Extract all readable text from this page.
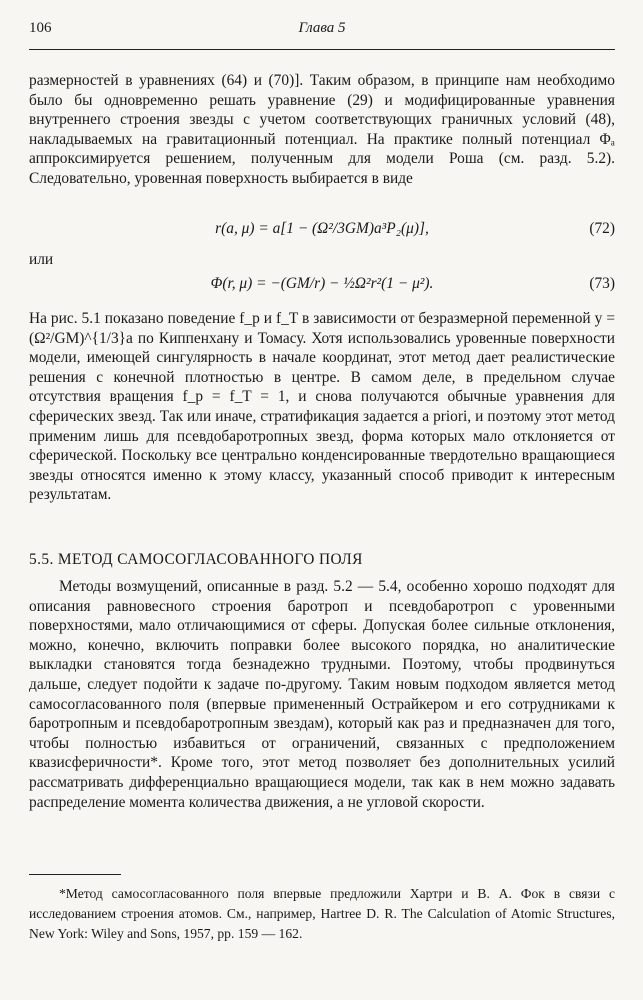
106	Глава 5
размерностей в уравнениях (64) и (70)]. Таким образом, в принципе нам необходимо было бы одновременно решать уравнение (29) и модифицированные уравнения внутреннего строения звезды с учетом соответствующих граничных условий (48), накладываемых на гравитационный потенциал. На практике полный потенциал Φₐ аппроксимируется решением, полученным для модели Роша (см. разд. 5.2). Следовательно, уровенная поверхность выбирается в виде
r(a, μ) = a[1 − (Ω²/3GM)a³P₂(μ)],	(72)
или
Φ(r, μ) = −(GM/r) − ½Ω²r²(1 − μ²).	(73)
На рис. 5.1 показано поведение f_p и f_T в зависимости от безразмерной переменной y = (Ω²/GM)^{1/3}a по Киппенхану и Томасу. Хотя использовались уровенные поверхности модели, имеющей сингулярность в начале координат, этот метод дает реалистические решения с конечной плотностью в центре. В самом деле, в предельном случае отсутствия вращения f_p = f_T = 1, и снова получаются обычные уравнения для сферических звезд. Так или иначе, стратификация задается a priori, и поэтому этот метод применим лишь для псевдобаротропных звезд, форма которых мало отклоняется от сферической. Поскольку все центрально конденсированные твердотельно вращающиеся звезды относятся именно к этому классу, указанный способ приводит к интересным результатам.
5.5. МЕТОД САМОСОГЛАСОВАННОГО ПОЛЯ
Методы возмущений, описанные в разд. 5.2 — 5.4, особенно хорошо подходят для описания равновесного строения баротроп и псевдобаротроп с уровенными поверхностями, мало отличающимися от сферы. Допуская более сильные отклонения, можно, конечно, включить поправки более высокого порядка, но аналитические выкладки становятся тогда безнадежно трудными. Поэтому, чтобы продвинуться дальше, следует подойти к задаче по-другому. Таким новым подходом является метод самосогласованного поля (впервые примененный Острайкером и его сотрудниками к баротропным и псевдобаротропным звездам), который как раз и предназначен для того, чтобы полностью избавиться от ограничений, связанных с предположением квазисферичности*. Кроме того, этот метод позволяет без дополнительных усилий рассматривать дифференциально вращающиеся модели, так как в нем можно задавать распределение момента количества движения, а не угловой скорости.
*Метод самосогласованного поля впервые предложили Хартри и В. А. Фок в связи с исследованием строения атомов. См., например, Hartree D. R. The Calculation of Atomic Structures, New York: Wiley and Sons, 1957, pp. 159 — 162.
